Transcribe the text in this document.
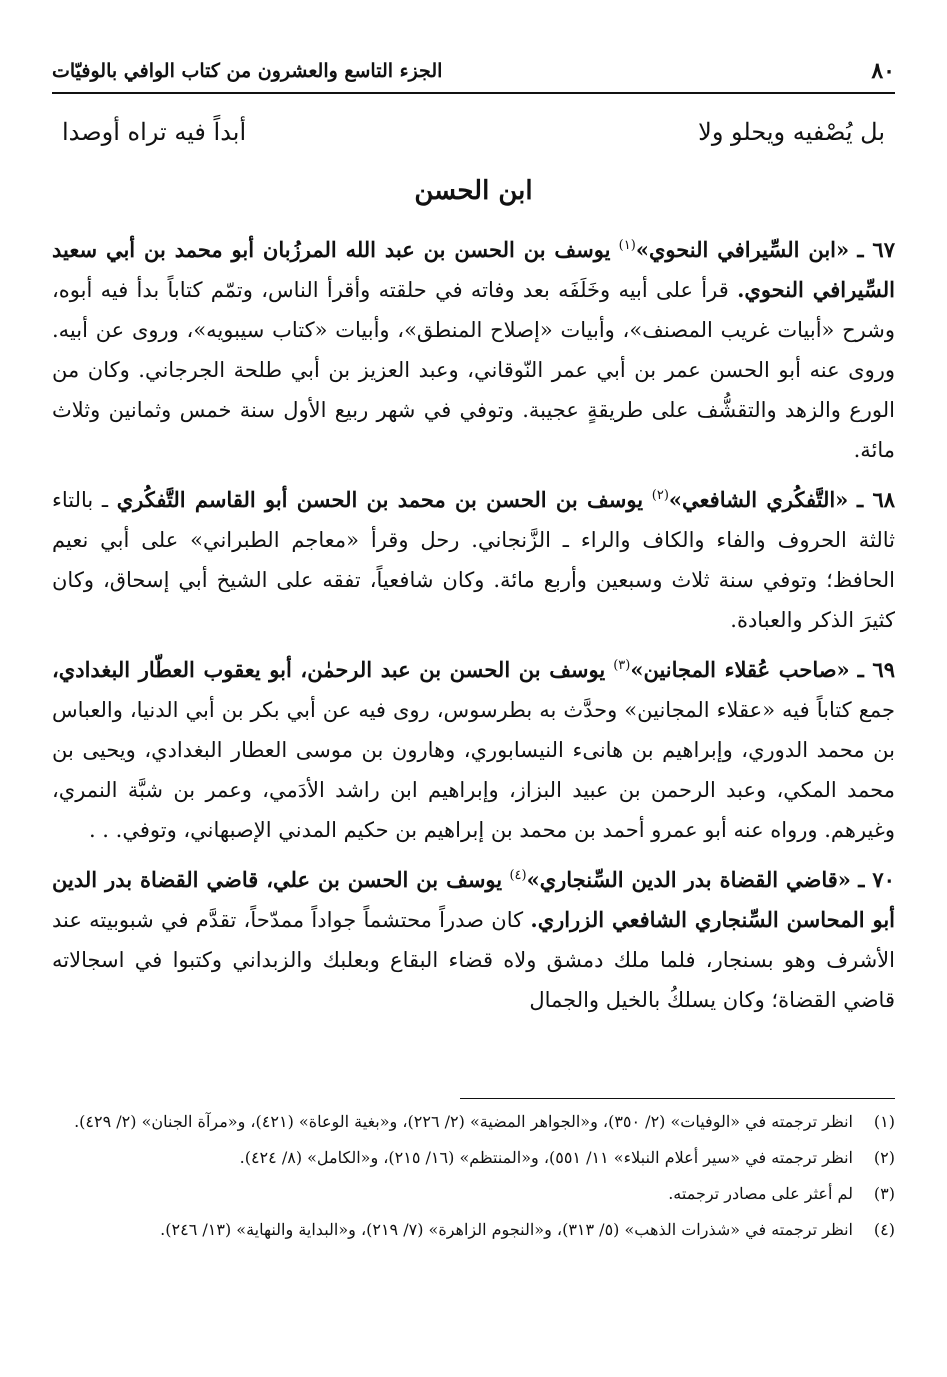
٨٠
الجزء التاسع والعشرون من كتاب الوافي بالوفيّات
بل يُصْفيه ويحلو ولا
أبداً فيه تراه أوصدا
ابن الحسن

٦٧ ـ «ابن السِّيرافي النحوي»$^{(١)}$ يوسف بن الحسن بن عبد الله المرزُبان أبو محمد بن أبي سعيد السِّيرافي النحوي. قرأ على أبيه وخَلَفَه بعد وفاته في حلقته وأقرأ الناس، وتمّم كتاباً بدأ فيه أبوه، وشرح «أبيات غريب المصنف»، وأبيات «إصلاح المنطق»، وأبيات «كتاب سيبويه»، وروى عن أبيه. وروى عنه أبو الحسن عمر بن أبي عمر النّوقاني، وعبد العزيز بن أبي طلحة الجرجاني. وكان من الورع والزهد والتقشُّف على طريقةٍ عجيبة. وتوفي في شهر ربيع الأول سنة خمس وثمانين وثلاث مائة.

٦٨ ـ «التَّفكُري الشافعي»$^{(٢)}$ يوسف بن الحسن بن محمد بن الحسن أبو القاسم التَّفكُري ـ بالتاء ثالثة الحروف والفاء والكاف والراء ـ الزَّنجاني. رحل وقرأ «معاجم الطبراني» على أبي نعيم الحافظ؛ وتوفي سنة ثلاث وسبعين وأربع مائة. وكان شافعياً، تفقه على الشيخ أبي إسحاق، وكان كثيرَ الذكر والعبادة.

٦٩ ـ «صاحب عُقلاء المجانين»$^{(٣)}$ يوسف بن الحسن بن عبد الرحمٰن، أبو يعقوب العطّار البغدادي، جمع كتاباً فيه «عقلاء المجانين» وحدَّث به بطرسوس، روى فيه عن أبي بكر بن أبي الدنيا، والعباس بن محمد الدوري، وإبراهيم بن هانىء النيسابوري، وهارون بن موسى العطار البغدادي، ويحيى بن محمد المكي، وعبد الرحمن بن عبيد البزاز، وإبراهيم ابن راشد الأدَمي، وعمر بن شبَّة النمري، وغيرهم. ورواه عنه أبو عمرو أحمد بن محمد بن إبراهيم بن حكيم المدني الإصبهاني، وتوفي. . .

٧٠ ـ «قاضي القضاة بدر الدين السِّنجاري»$^{(٤)}$ يوسف بن الحسن بن علي، قاضي القضاة بدر الدين أبو المحاسن السِّنجاري الشافعي الزراري. كان صدراً محتشماً جواداً ممدّحاً، تقدَّم في شبوبيته عند الأشرف وهو بسنجار، فلما ملك دمشق ولاه قضاء البقاع وبعلبك والزبداني وكتبوا في اسجالاته قاضي القضاة؛ وكان يسلكُ بالخيل والجمال

(١)
انظر ترجمته في «الوفيات» (٢/ ٣٥٠)، و«الجواهر المضية» (٢/ ٢٢٦)، و«بغية الوعاة» (٤٢١)، و«مرآة الجنان» (٢/ ٤٢٩).
(٢)
انظر ترجمته في «سير أعلام النبلاء» ١١/ ٥٥١)، و«المنتظم» (١٦/ ٢١٥)، و«الكامل» (٨/ ٤٢٤).
(٣)
لم أعثر على مصادر ترجمته.
(٤)
انظر ترجمته في «شذرات الذهب» (٥/ ٣١٣)، و«النجوم الزاهرة» (٧/ ٢١٩)، و«البداية والنهاية» (١٣/ ٢٤٦).
